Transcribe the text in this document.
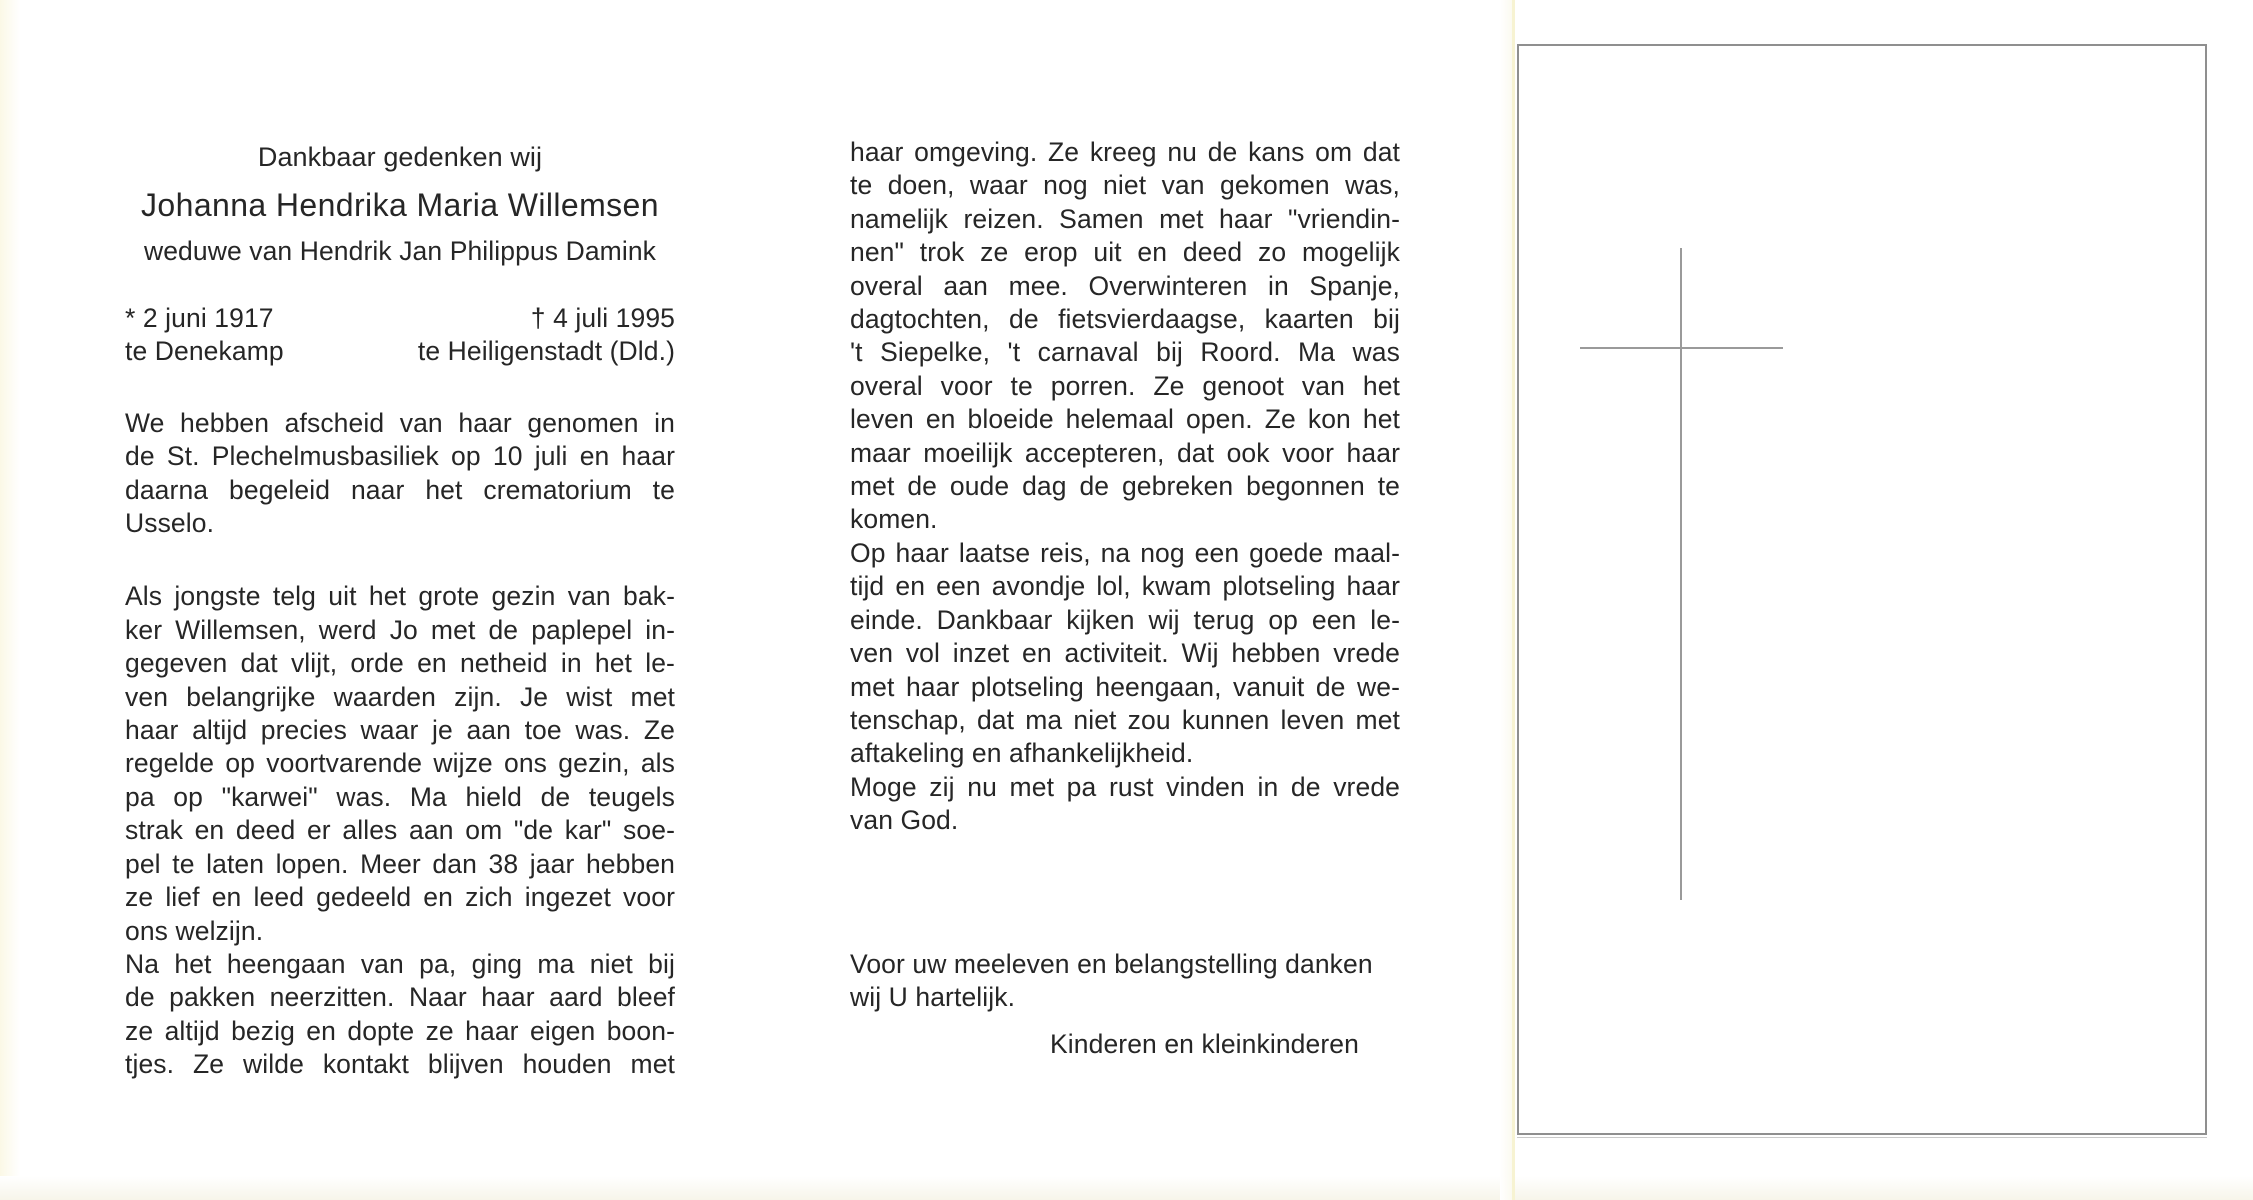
Dankbaar gedenken wij
Johanna Hendrika Maria Willemsen
weduwe van Hendrik Jan Philippus Damink
* 2 juni 1917
te Denekamp
† 4 juli 1995
te Heiligenstadt (Dld.)
We hebben afscheid van haar genomen in
de St. Plechelmusbasiliek op 10 juli en haar
daarna begeleid naar het crematorium te
Usselo.
Als jongste telg uit het grote gezin van bak-
ker Willemsen, werd Jo met de paplepel in-
gegeven dat vlijt, orde en netheid in het le-
ven belangrijke waarden zijn. Je wist met
haar altijd precies waar je aan toe was. Ze
regelde op voortvarende wijze ons gezin, als
pa op "karwei" was. Ma hield de teugels
strak en deed er alles aan om "de kar" soe-
pel te laten lopen. Meer dan 38 jaar hebben
ze lief en leed gedeeld en zich ingezet voor
ons welzijn.
Na het heengaan van pa, ging ma niet bij
de pakken neerzitten. Naar haar aard bleef
ze altijd bezig en dopte ze haar eigen boon-
tjes. Ze wilde kontakt blijven houden met
haar omgeving. Ze kreeg nu de kans om dat
te doen, waar nog niet van gekomen was,
namelijk reizen. Samen met haar "vriendin-
nen" trok ze erop uit en deed zo mogelijk
overal aan mee. Overwinteren in Spanje,
dagtochten, de fietsvierdaagse, kaarten bij
't Siepelke, 't carnaval bij Roord. Ma was
overal voor te porren. Ze genoot van het
leven en bloeide helemaal open. Ze kon het
maar moeilijk accepteren, dat ook voor haar
met de oude dag de gebreken begonnen te
komen.
Op haar laatse reis, na nog een goede maal-
tijd en een avondje lol, kwam plotseling haar
einde. Dankbaar kijken wij terug op een le-
ven vol inzet en activiteit. Wij hebben vrede
met haar plotseling heengaan, vanuit de we-
tenschap, dat ma niet zou kunnen leven met
aftakeling en afhankelijkheid.
Moge zij nu met pa rust vinden in de vrede
van God.
Voor uw meeleven en belangstelling danken
wij U hartelijk.
Kinderen en kleinkinderen
